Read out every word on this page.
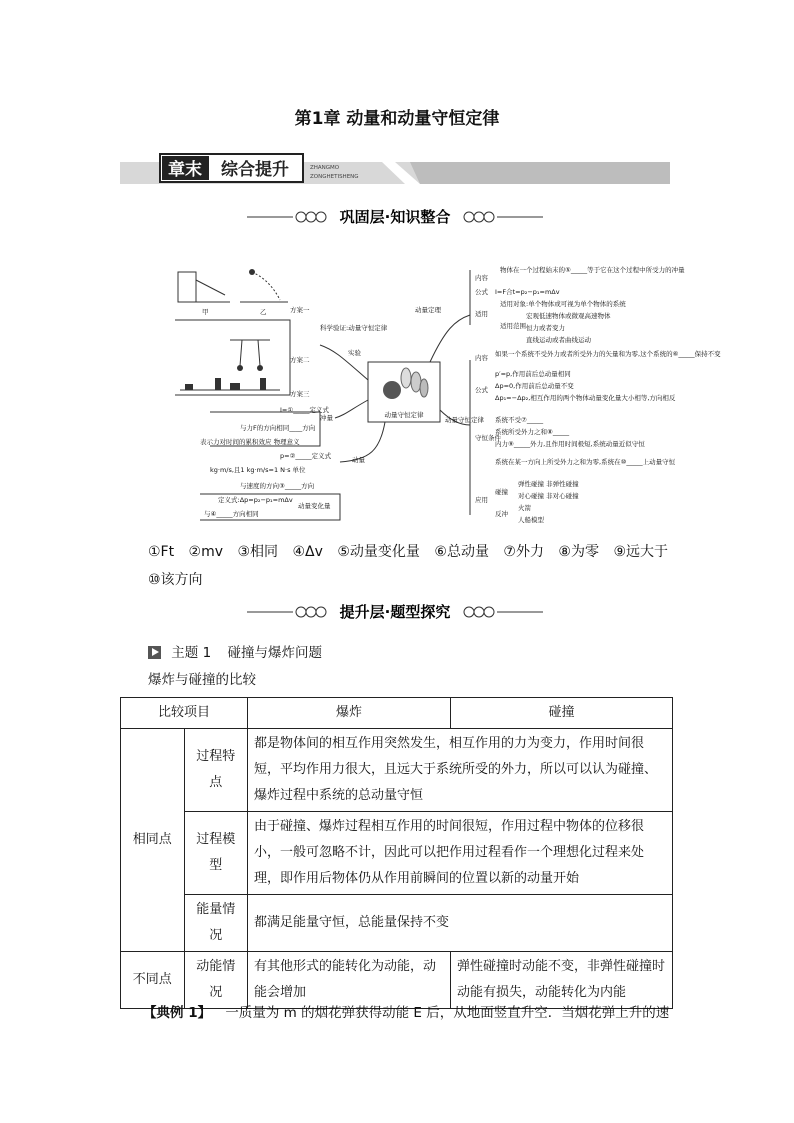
第1章 动量和动量守恒定律
章末 综合提升	ZHANGMO
ZONGHETISHENG
巩固层·知识整合
动量守恒定律
甲	乙	方案一
方案二
方案三
科学验证:动量守恒定律
实验
I=①_____定义式
与力F的方向相同____方向
表示力对时间的累积效应 物理意义
冲量
p=②_____定义式
kg·m/s,且1 kg·m/s=1 N·s 单位
与速度的方向③_____方向
动量
定义式:Δp=p₂−p₁=mΔv
与④_____方向相同
动量变化量
动量定理
内容
物体在一个过程始末的⑤_____等于它在这个过程中所受力的冲量
公式 I=F合t=p₂−p₁=mΔv
适用
适用对象:单个物体或可视为单个物体的系统
适用范围
宏观低速物体或微观高速物体
恒力或者变力
直线运动或者曲线运动
动量守恒定律
内容 如果一个系统不受外力或者所受外力的矢量和为零,这个系统的⑥_____保持不变
公式
p′=p,作用前后总动量相同
Δp=0,作用前后总动量不变
Δp₁=−Δp₂,相互作用的两个物体动量变化量大小相等,方向相反
守恒条件
系统不受⑦_____
系统所受外力之和⑧_____
内力⑨_____外力,且作用时间极短,系统动量近似守恒
系统在某一方向上所受外力之和为零,系统在⑩_____上动量守恒
应用
碰撞
弹性碰撞 非弹性碰撞
对心碰撞 非对心碰撞
反冲
火箭
人船模型
①Ft ②mv ③相同 ④Δv ⑤动量变化量 ⑥总动量 ⑦外力 ⑧为零 ⑨远大于
⑩该方向
提升层·题型探究
主题 1 碰撞与爆炸问题
爆炸与碰撞的比较
比较项目		爆炸	碰撞
相同点	过程特点	都是物体间的相互作用突然发生，相互作用的力为变力，作用时间很短，平均作用力很大，且远大于系统所受的外力，所以可以认为碰撞、爆炸过程中系统的总动量守恒	
	过程模型	由于碰撞、爆炸过程相互作用的时间很短，作用过程中物体的位移很小，一般可忽略不计，因此可以把作用过程看作一个理想化过程来处理，即作用后物体仍从作用前瞬间的位置以新的动量开始	
	能量情况	都满足能量守恒，总能量保持不变	
不同点	动能情况	有其他形式的能转化为动能，动能会增加	弹性碰撞时动能不变，非弹性碰撞时动能有损失，动能转化为内能
【典例 1】 一质量为 m 的烟花弹获得动能 E 后，从地面竖直升空．当烟花弹上升的速
